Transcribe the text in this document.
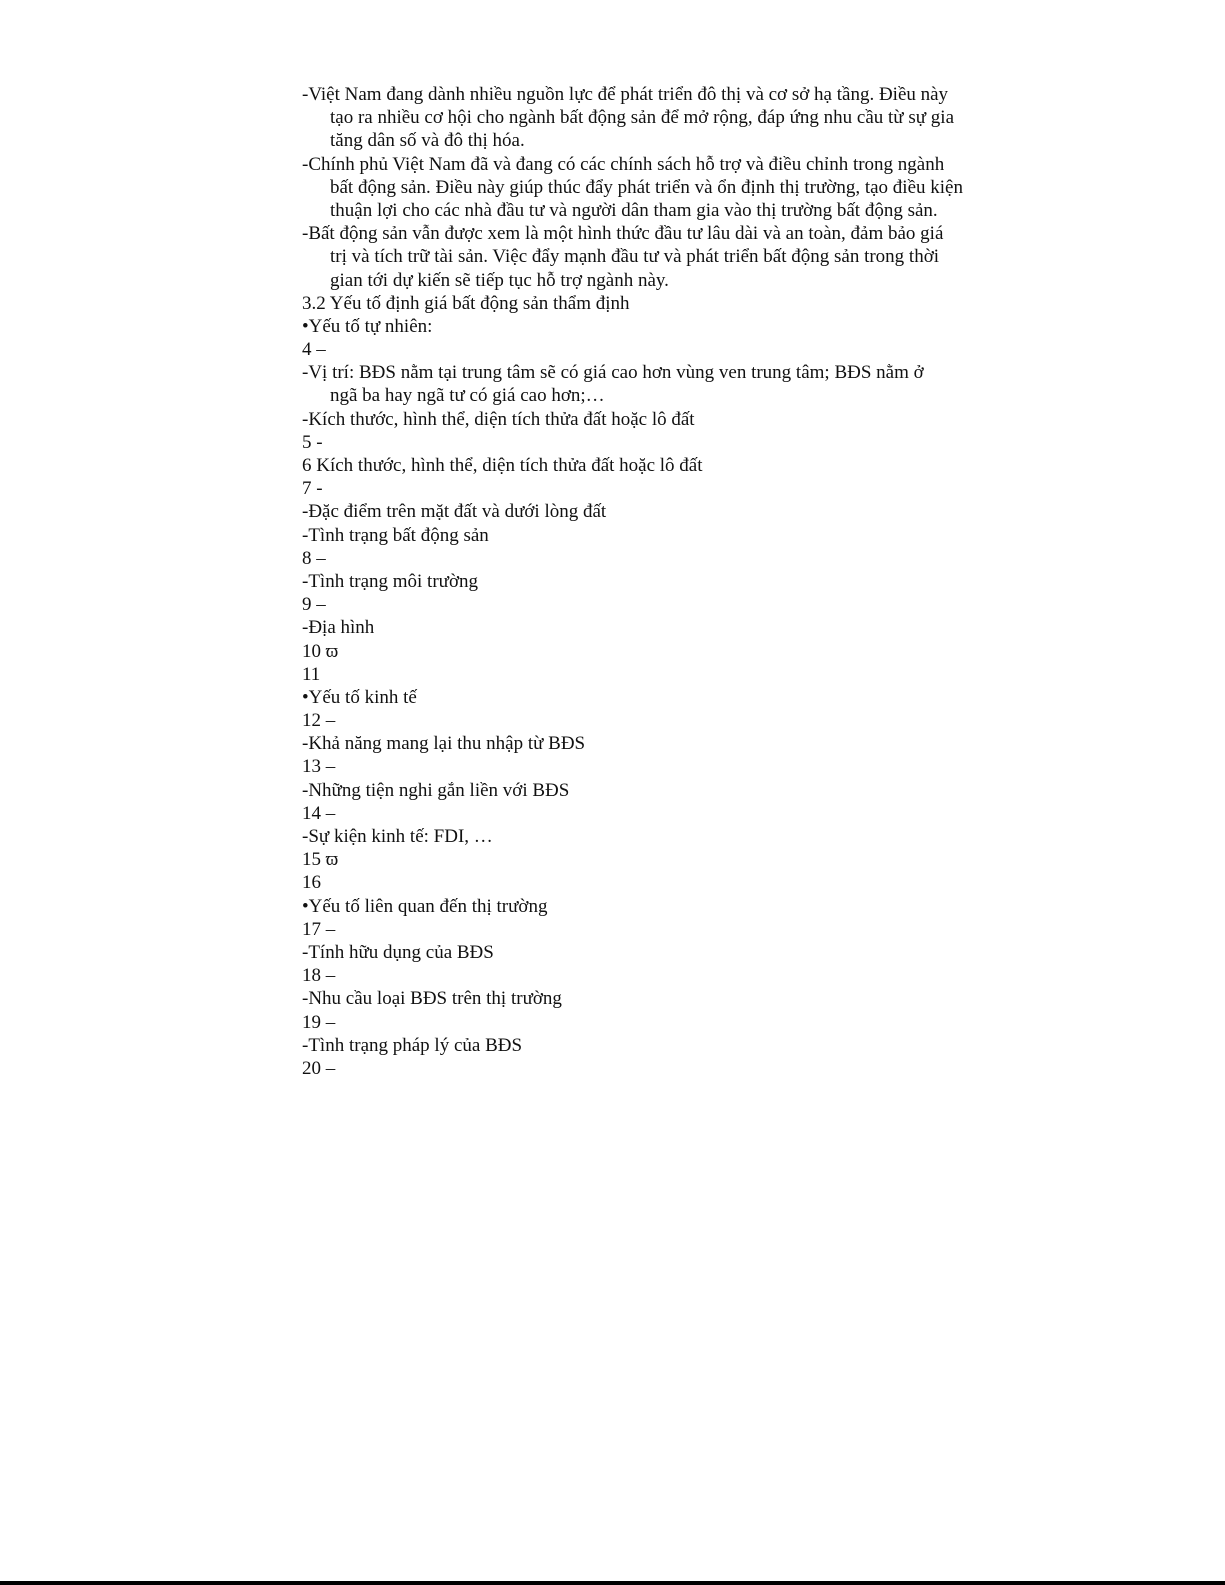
-Việt Nam đang dành nhiều nguồn lực để phát triển đô thị và cơ sở hạ tầng. Điều này
tạo ra nhiều cơ hội cho ngành bất động sản để mở rộng, đáp ứng nhu cầu từ sự gia
tăng dân số và đô thị hóa.
-Chính phủ Việt Nam đã và đang có các chính sách hỗ trợ và điều chỉnh trong ngành
bất động sản. Điều này giúp thúc đẩy phát triển và ổn định thị trường, tạo điều kiện
thuận lợi cho các nhà đầu tư và người dân tham gia vào thị trường bất động sản.
-Bất động sản vẫn được xem là một hình thức đầu tư lâu dài và an toàn, đảm bảo giá
trị và tích trữ tài sản. Việc đẩy mạnh đầu tư và phát triển bất động sản trong thời
gian tới dự kiến sẽ tiếp tục hỗ trợ ngành này.
3.2 Yếu tố định giá bất động sản thẩm định
•Yếu tố tự nhiên:
4 –
-Vị trí: BĐS nằm tại trung tâm sẽ có giá cao hơn vùng ven trung tâm; BĐS nằm ở
ngã ba hay ngã tư có giá cao hơn;…
-Kích thước, hình thể, diện tích thửa đất hoặc lô đất
5 -
6 Kích thước, hình thể, diện tích thửa đất hoặc lô đất
7 -
-Đặc điểm trên mặt đất và dưới lòng đất
-Tình trạng bất động sản
8 –
-Tình trạng môi trường
9 –
-Địa hình
10 ϖ
11
•Yếu tố kinh tế
12 –
-Khả năng mang lại thu nhập từ BĐS
13 –
-Những tiện nghi gắn liền với BĐS
14 –
-Sự kiện kinh tế: FDI, …
15 ϖ
16
•Yếu tố liên quan đến thị trường
17 –
-Tính hữu dụng của BĐS
18 –
-Nhu cầu loại BĐS trên thị trường
19 –
-Tình trạng pháp lý của BĐS
20 –
